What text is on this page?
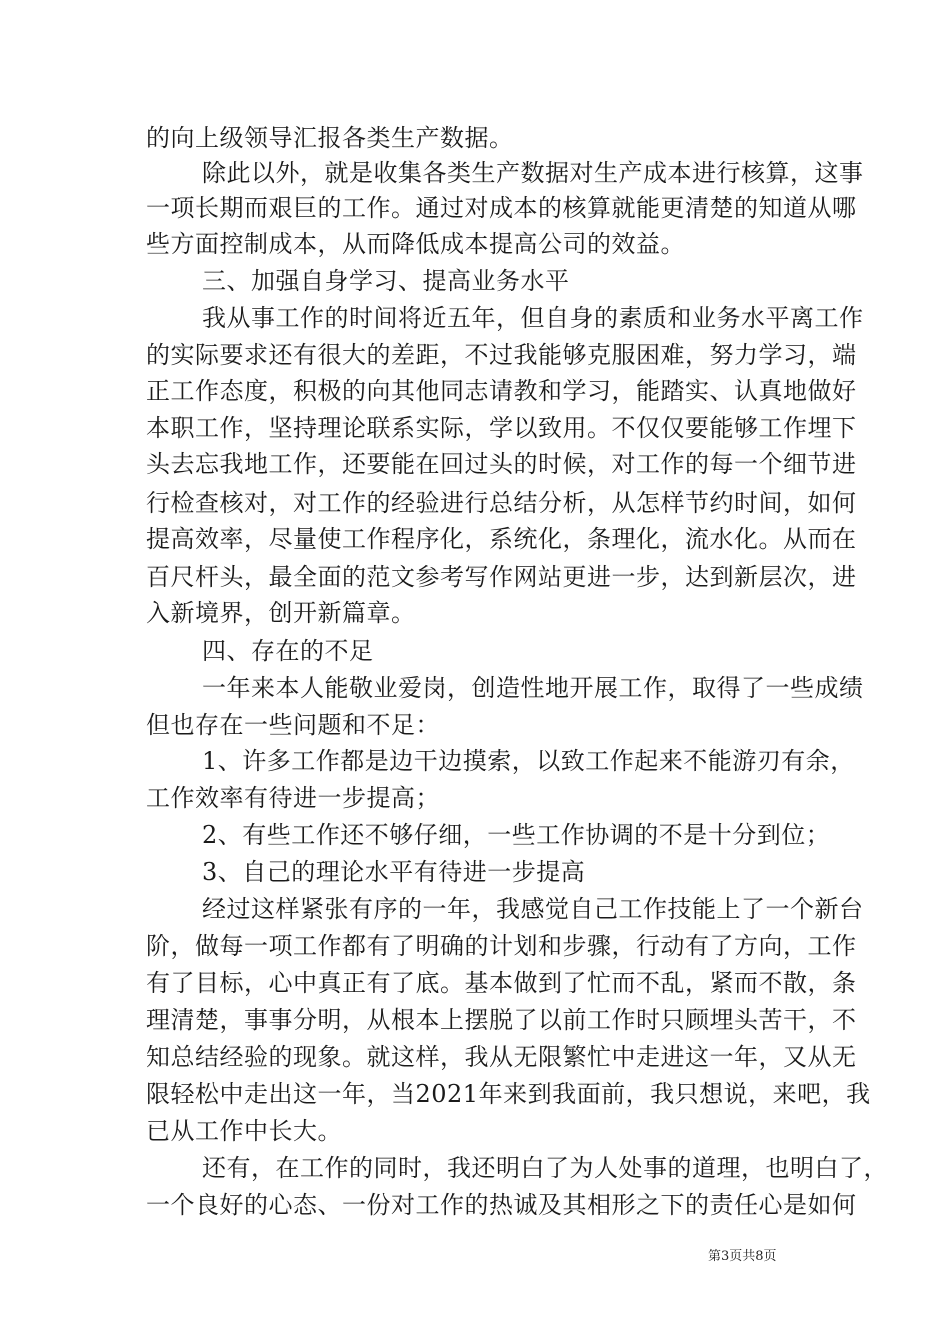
的向上级领导汇报各类生产数据。
除此以外，就是收集各类生产数据对生产成本进行核算，这事
一项长期而艰巨的工作。通过对成本的核算就能更清楚的知道从哪
些方面控制成本，从而降低成本提高公司的效益。
三、加强自身学习、提高业务水平
我从事工作的时间将近五年，但自身的素质和业务水平离工作
的实际要求还有很大的差距，不过我能够克服困难，努力学习，端
正工作态度，积极的向其他同志请教和学习，能踏实、认真地做好
本职工作，坚持理论联系实际，学以致用。不仅仅要能够工作埋下
头去忘我地工作，还要能在回过头的时候，对工作的每一个细节进
行检查核对，对工作的经验进行总结分析，从怎样节约时间，如何
提高效率，尽量使工作程序化，系统化，条理化，流水化。从而在
百尺杆头，最全面的范文参考写作网站更进一步，达到新层次，进
入新境界，创开新篇章。
四、存在的不足
一年来本人能敬业爱岗，创造性地开展工作，取得了一些成绩
但也存在一些问题和不足：
1、许多工作都是边干边摸索，以致工作起来不能游刃有余，
工作效率有待进一步提高；
2、有些工作还不够仔细，一些工作协调的不是十分到位；
3、自己的理论水平有待进一步提高
经过这样紧张有序的一年，我感觉自己工作技能上了一个新台
阶，做每一项工作都有了明确的计划和步骤，行动有了方向，工作
有了目标，心中真正有了底。基本做到了忙而不乱，紧而不散，条
理清楚，事事分明，从根本上摆脱了以前工作时只顾埋头苦干，不
知总结经验的现象。就这样，我从无限繁忙中走进这一年，又从无
限轻松中走出这一年，当2021年来到我面前，我只想说，来吧，我
已从工作中长大。
还有，在工作的同时，我还明白了为人处事的道理，也明白了，
一个良好的心态、一份对工作的热诚及其相形之下的责任心是如何
第3页共8页
